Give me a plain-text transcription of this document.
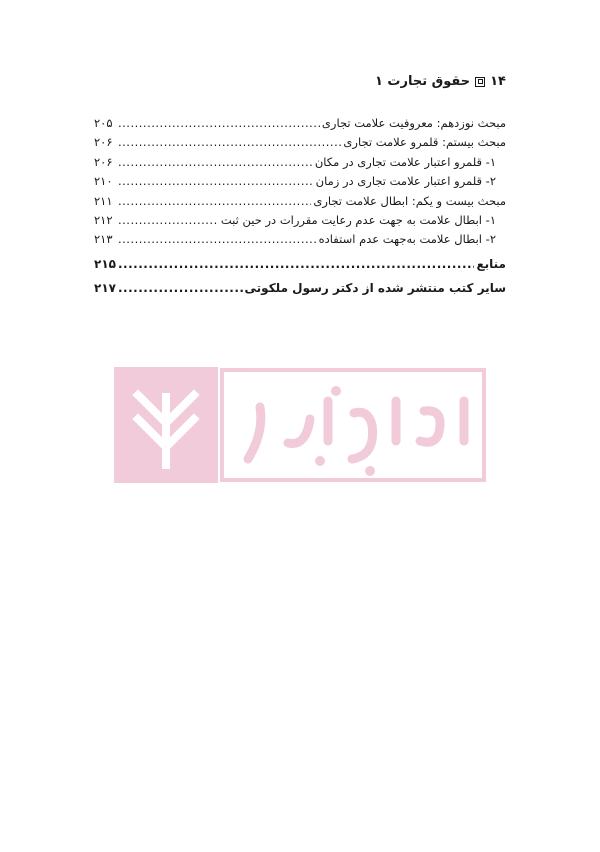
۱۴
حقوق تجارت ۱
مبحث نوزدهم: معروفیت علامت تجاری
.....
۲۰۵
مبحث بیستم: قلمرو علامت تجاری
.....
۲۰۶
۱- قلمرو اعتبار علامت تجاری در مکان
.....
۲۰۶
۲- قلمرو اعتبار علامت تجاری در زمان
.....
۲۱۰
مبحث بیست و یکم: ابطال علامت تجاری
.....
۲۱۱
۱- ابطال علامت به جهت عدم رعایت مقررات در حین ثبت
.....
۲۱۲
۲- ابطال علامت به‌جهت عدم استفاده
.....
۲۱۳
منابع
.....
۲۱۵
سایر کتب منتشر شده از دکتر رسول ملکوتی
.....
۲۱۷
